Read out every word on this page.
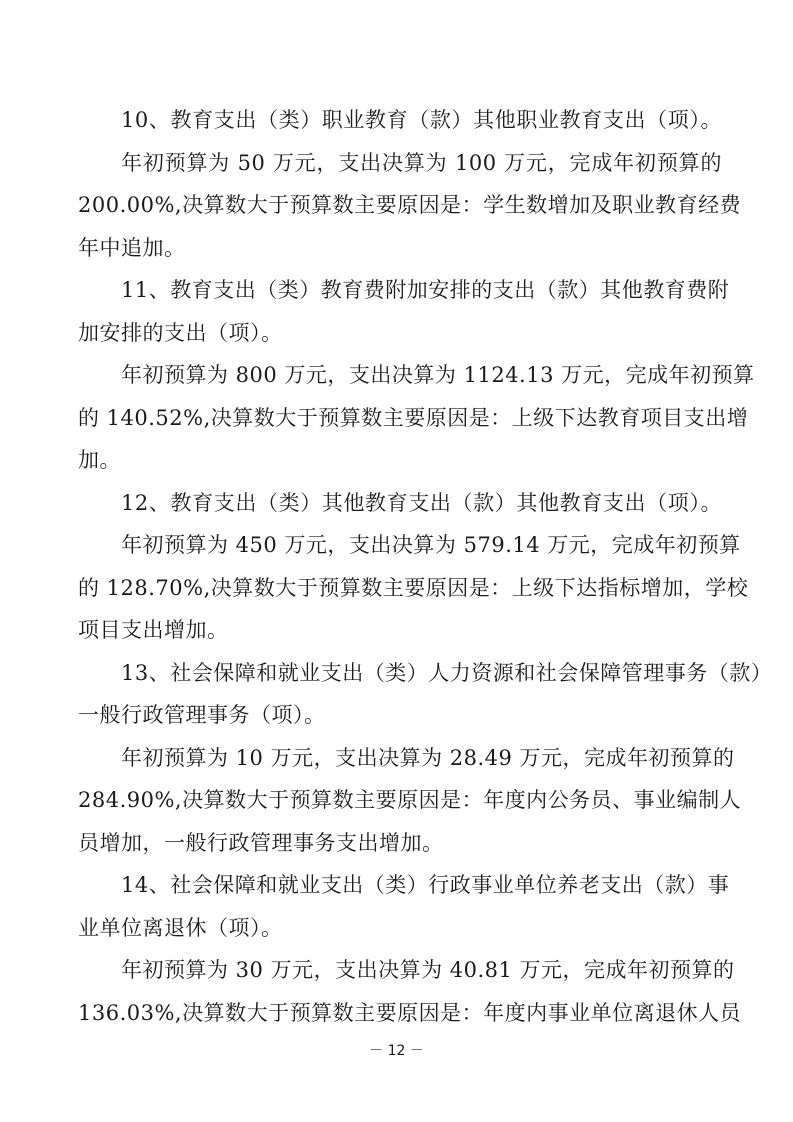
10、教育支出（类）职业教育（款）其他职业教育支出（项）。
年初预算为 50 万元，支出决算为 100 万元，完成年初预算的
200.00%,决算数大于预算数主要原因是：学生数增加及职业教育经费
年中追加。
11、教育支出（类）教育费附加安排的支出（款）其他教育费附
加安排的支出（项）。
年初预算为 800 万元，支出决算为 1124.13 万元，完成年初预算
的 140.52%,决算数大于预算数主要原因是：上级下达教育项目支出增
加。
12、教育支出（类）其他教育支出（款）其他教育支出（项）。
年初预算为 450 万元，支出决算为 579.14 万元，完成年初预算
的 128.70%,决算数大于预算数主要原因是：上级下达指标增加，学校
项目支出增加。
13、社会保障和就业支出（类）人力资源和社会保障管理事务（款）
一般行政管理事务（项）。
年初预算为 10 万元，支出决算为 28.49 万元，完成年初预算的
284.90%,决算数大于预算数主要原因是：年度内公务员、事业编制人
员增加，一般行政管理事务支出增加。
14、社会保障和就业支出（类）行政事业单位养老支出（款）事
业单位离退休（项）。
年初预算为 30 万元，支出决算为 40.81 万元，完成年初预算的
136.03%,决算数大于预算数主要原因是：年度内事业单位离退休人员
－ 12 －
